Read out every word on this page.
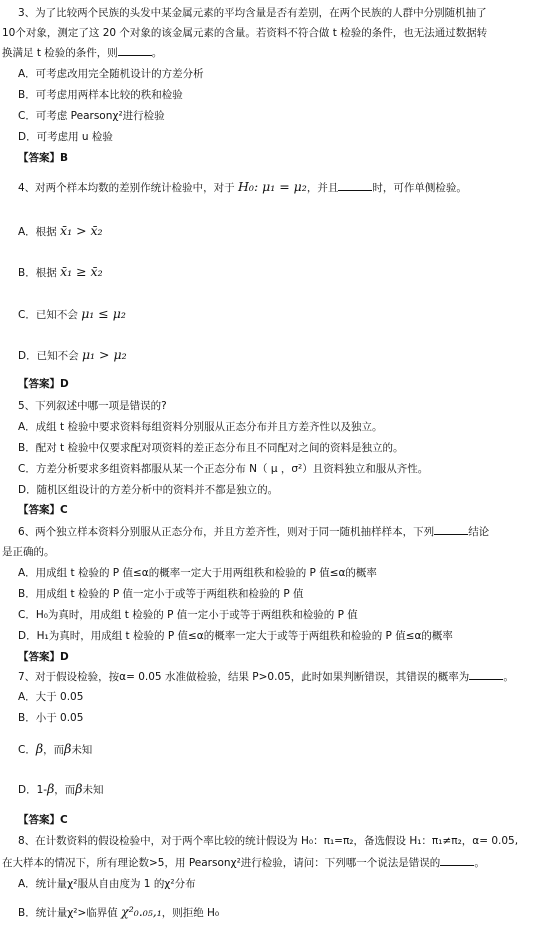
3、为了比较两个民族的头发中某金属元素的平均含量是否有差别，在两个民族的人群中分别随机抽了
10个对象，测定了这 20 个对象的该金属元素的含量。若资料不符合做 t 检验的条件，也无法通过数据转
换满足 t 检验的条件，则	。
A．可考虑改用完全随机设计的方差分析
B．可考虑用两样本比较的秩和检验
C．可考虑 Pearsonχ²进行检验
D．可考虑用 u 检验
【答案】B
4、对两个样本均数的差别作统计检验中，对于 H₀: μ₁ = μ₂，并且	时，可作单侧检验。
A．根据 x̄₁ > x̄₂
B．根据 x̄₁ ≥ x̄₂
C．已知不会 μ₁ ≤ μ₂
D．已知不会 μ₁ > μ₂
【答案】D
5、下列叙述中哪一项是错误的?
A．成组 t 检验中要求资料每组资料分别服从正态分布并且方差齐性以及独立。
B．配对 t 检验中仅要求配对项资料的差正态分布且不同配对之间的资料是独立的。
C．方差分析要求多组资料都服从某一个正态分布 N（ μ ，σ²）且资料独立和服从齐性。
D．随机区组设计的方差分析中的资料并不都是独立的。
【答案】C
6、两个独立样本资料分别服从正态分布，并且方差齐性，则对于同一随机抽样样本，下列	结论
是正确的。
A．用成组 t 检验的 P 值≤α的概率一定大于用两组秩和检验的 P 值≤α的概率
B．用成组 t 检验的 P 值一定小于或等于两组秩和检验的 P 值
C．H₀为真时，用成组 t 检验的 P 值一定小于或等于两组秩和检验的 P 值
D．H₁为真时，用成组 t 检验的 P 值≤α的概率一定大于或等于两组秩和检验的 P 值≤α的概率
【答案】D
7、对于假设检验，按α= 0.05 水准做检验，结果 P>0.05，此时如果判断错误，其错误的概率为	。
A．大于 0.05
B．小于 0.05
C．β，而β未知
D．1-β，而β未知
【答案】C
8、在计数资料的假设检验中，对于两个率比较的统计假设为 H₀：π₁=π₂，备选假设 H₁：π₁≠π₂，α= 0.05,
在大样本的情况下，所有理论数>5，用 Pearsonχ²进行检验，请问：下列哪一个说法是错误的	。
A．统计量χ²服从自由度为 1 的χ²分布
B．统计量χ²>临界值 χ²₀.₀₅,₁，则拒绝 H₀
